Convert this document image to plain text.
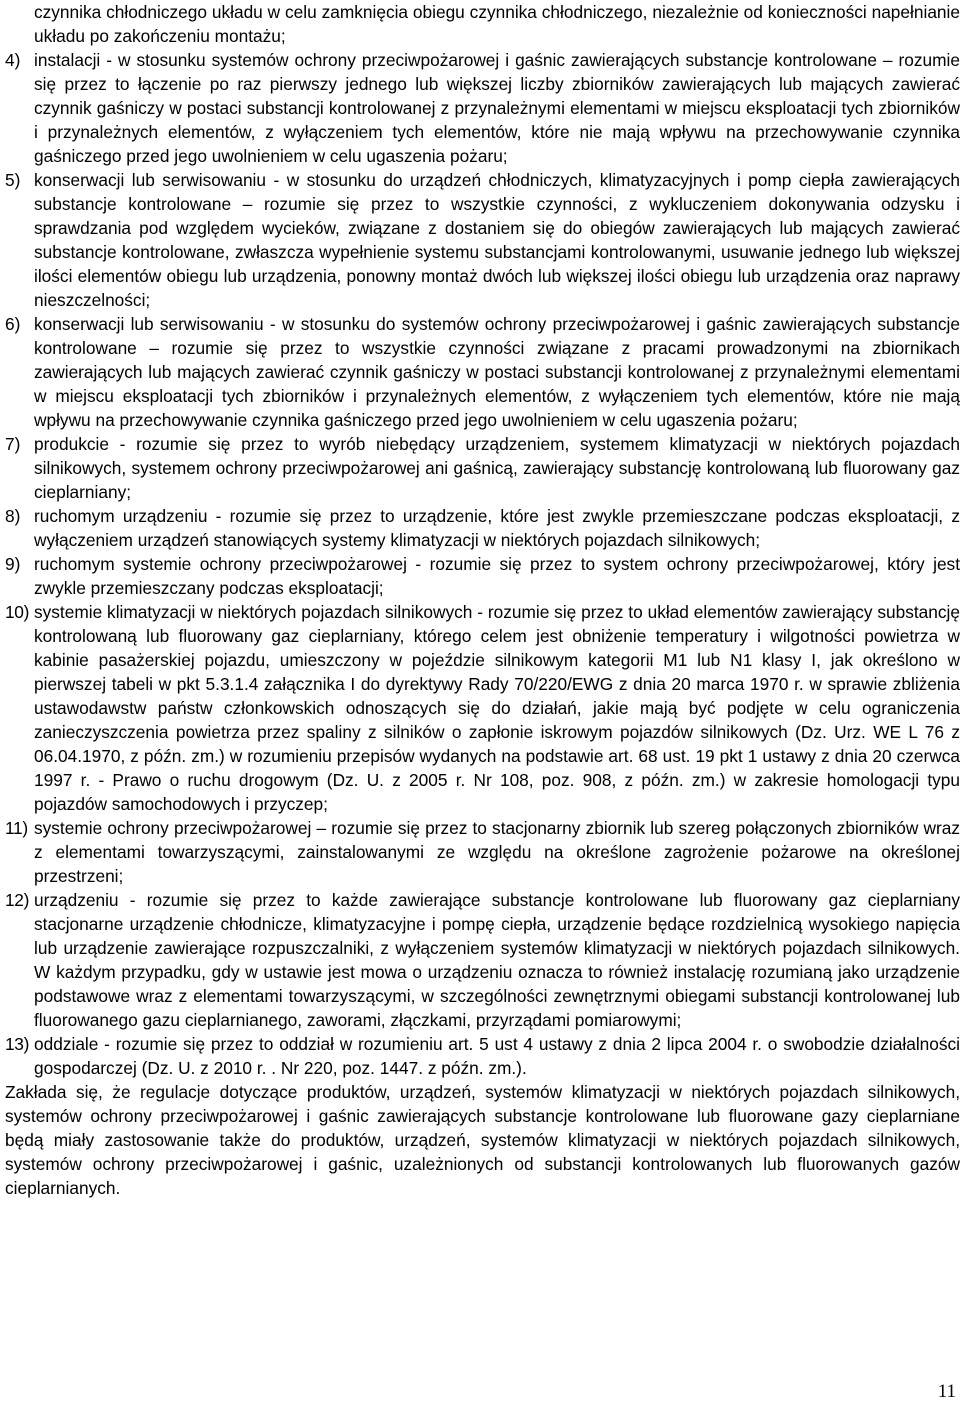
czynnika chłodniczego układu w celu zamknięcia obiegu czynnika chłodniczego, niezależnie od konieczności napełnianie układu po zakończeniu montażu;

4) instalacji - w stosunku systemów ochrony przeciwpożarowej i gaśnic zawierających substancje kontrolowane – rozumie się przez to łączenie po raz pierwszy jednego lub większej liczby zbiorników zawierających lub mających zawierać czynnik gaśniczy w postaci substancji kontrolowanej z przynależnymi elementami w miejscu eksploatacji tych zbiorników i przynależnych elementów, z wyłączeniem tych elementów, które nie mają wpływu na przechowywanie czynnika gaśniczego przed jego uwolnieniem w celu ugaszenia pożaru;
5) konserwacji lub serwisowaniu - w stosunku do urządzeń chłodniczych, klimatyzacyjnych i pomp ciepła zawierających substancje kontrolowane – rozumie się przez to wszystkie czynności, z wykluczeniem dokonywania odzysku i sprawdzania pod względem wycieków, związane z dostaniem się do obiegów zawierających lub mających zawierać substancje kontrolowane, zwłaszcza wypełnienie systemu substancjami kontrolowanymi, usuwanie jednego lub większej ilości elementów obiegu lub urządzenia, ponowny montaż dwóch lub większej ilości obiegu lub urządzenia oraz naprawy nieszczelności;
6) konserwacji lub serwisowaniu - w stosunku do systemów ochrony przeciwpożarowej i gaśnic zawierających substancje kontrolowane – rozumie się przez to wszystkie czynności związane z pracami prowadzonymi na zbiornikach zawierających lub mających zawierać czynnik gaśniczy w postaci substancji kontrolowanej z przynależnymi elementami w miejscu eksploatacji tych zbiorników i przynależnych elementów, z wyłączeniem tych elementów, które nie mają wpływu na przechowywanie czynnika gaśniczego przed jego uwolnieniem w celu ugaszenia pożaru;
7) produkcie - rozumie się przez to wyrób niebędący urządzeniem, systemem klimatyzacji w niektórych pojazdach silnikowych, systemem ochrony przeciwpożarowej ani gaśnicą, zawierający substancję kontrolowaną lub fluorowany gaz cieplarniany;
8) ruchomym urządzeniu - rozumie się przez to urządzenie, które jest zwykle przemieszczane podczas eksploatacji, z wyłączeniem urządzeń stanowiących systemy klimatyzacji w niektórych pojazdach silnikowych;
9) ruchomym systemie ochrony przeciwpożarowej - rozumie się przez to system ochrony przeciwpożarowej, który jest zwykle przemieszczany podczas eksploatacji;
10) systemie klimatyzacji w niektórych pojazdach silnikowych - rozumie się przez to układ elementów zawierający substancję kontrolowaną lub fluorowany gaz cieplarniany, którego celem jest obniżenie temperatury i wilgotności powietrza w kabinie pasażerskiej pojazdu, umieszczony w pojeździe silnikowym kategorii M1 lub N1 klasy I, jak określono w pierwszej tabeli w pkt 5.3.1.4 załącznika I do dyrektywy Rady 70/220/EWG z dnia 20 marca 1970 r. w sprawie zbliżenia ustawodawstw państw członkowskich odnoszących się do działań, jakie mają być podjęte w celu ograniczenia zanieczyszczenia powietrza przez spaliny z silników o zapłonie iskrowym pojazdów silnikowych (Dz. Urz. WE L 76 z 06.04.1970, z późn. zm.) w rozumieniu przepisów wydanych na podstawie art. 68 ust. 19 pkt 1 ustawy z dnia 20 czerwca 1997 r. - Prawo o ruchu drogowym (Dz. U. z 2005 r. Nr 108, poz. 908, z późn. zm.) w zakresie homologacji typu pojazdów samochodowych i przyczep;
11) systemie ochrony przeciwpożarowej – rozumie się przez to stacjonarny zbiornik lub szereg połączonych zbiorników wraz z elementami towarzyszącymi, zainstalowanymi ze względu na określone zagrożenie pożarowe na określonej przestrzeni;
12) urządzeniu - rozumie się przez to każde zawierające substancje kontrolowane lub fluorowany gaz cieplarniany stacjonarne urządzenie chłodnicze, klimatyzacyjne i pompę ciepła, urządzenie będące rozdzielnicą wysokiego napięcia lub urządzenie zawierające rozpuszczalniki, z wyłączeniem systemów klimatyzacji w niektórych pojazdach silnikowych. W każdym przypadku, gdy w ustawie jest mowa o urządzeniu oznacza to również instalację rozumianą jako urządzenie podstawowe wraz z elementami towarzyszącymi, w szczególności zewnętrznymi obiegami substancji kontrolowanej lub fluorowanego gazu cieplarnianego, zaworami, złączkami, przyrządami pomiarowymi;
13) oddziale - rozumie się przez to oddział w rozumieniu art. 5 ust 4 ustawy z dnia 2 lipca 2004 r. o swobodzie działalności gospodarczej (Dz. U. z 2010 r. . Nr 220, poz. 1447. z późn. zm.).

Zakłada się, że regulacje dotyczące produktów, urządzeń, systemów klimatyzacji w niektórych pojazdach silnikowych, systemów ochrony przeciwpożarowej i gaśnic zawierających substancje kontrolowane lub fluorowane gazy cieplarniane będą miały zastosowanie także do produktów, urządzeń, systemów klimatyzacji w niektórych pojazdach silnikowych, systemów ochrony przeciwpożarowej i gaśnic, uzależnionych od substancji kontrolowanych lub fluorowanych gazów cieplarnianych.

11
